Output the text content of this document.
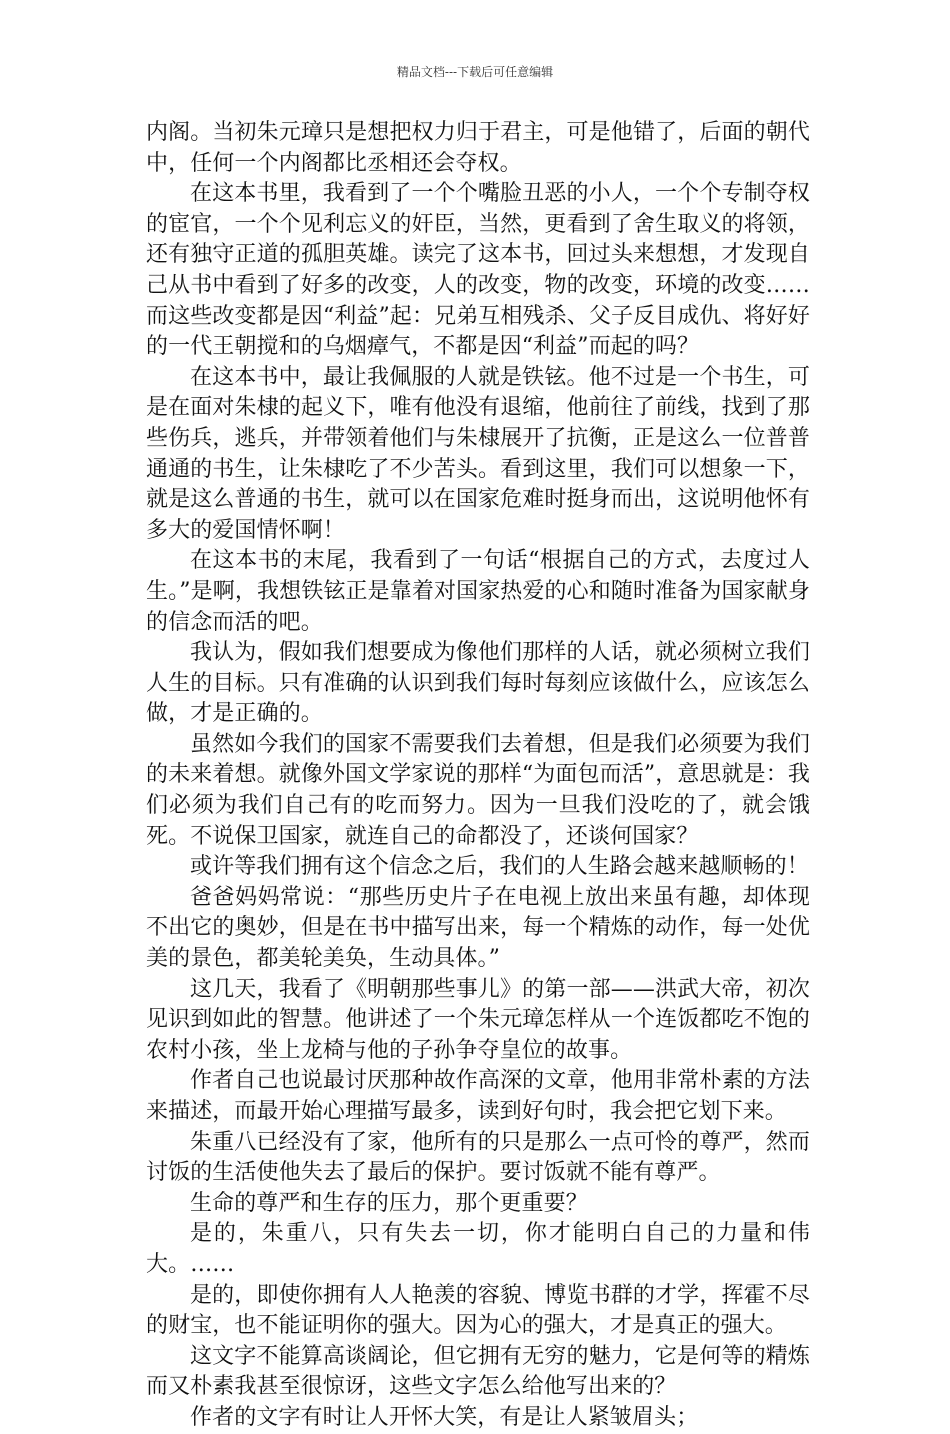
精品文档---下载后可任意编辑

内阁。当初朱元璋只是想把权力归于君主，可是他错了，后面的朝代中，任何一个内阁都比丞相还会夺权。

在这本书里，我看到了一个个嘴脸丑恶的小人，一个个专制夺权的宦官，一个个见利忘义的奸臣，当然，更看到了舍生取义的将领，还有独守正道的孤胆英雄。读完了这本书，回过头来想想，才发现自己从书中看到了好多的改变，人的改变，物的改变，环境的改变……而这些改变都是因“利益”起：兄弟互相残杀、父子反目成仇、将好好的一代王朝搅和的乌烟瘴气，不都是因“利益”而起的吗？

在这本书中，最让我佩服的人就是铁铉。他不过是一个书生，可是在面对朱棣的起义下，唯有他没有退缩，他前往了前线，找到了那些伤兵，逃兵，并带领着他们与朱棣展开了抗衡，正是这么一位普普通通的书生，让朱棣吃了不少苦头。看到这里，我们可以想象一下，就是这么普通的书生，就可以在国家危难时挺身而出，这说明他怀有多大的爱国情怀啊！

在这本书的末尾，我看到了一句话“根据自己的方式，去度过人生。”是啊，我想铁铉正是靠着对国家热爱的心和随时准备为国家献身的信念而活的吧。

我认为，假如我们想要成为像他们那样的人话，就必须树立我们人生的目标。只有准确的认识到我们每时每刻应该做什么，应该怎么做，才是正确的。

虽然如今我们的国家不需要我们去着想，但是我们必须要为我们的未来着想。就像外国文学家说的那样“为面包而活”，意思就是：我们必须为我们自己有的吃而努力。因为一旦我们没吃的了，就会饿死。不说保卫国家，就连自己的命都没了，还谈何国家？

或许等我们拥有这个信念之后，我们的人生路会越来越顺畅的！

爸爸妈妈常说：“那些历史片子在电视上放出来虽有趣，却体现不出它的奥妙，但是在书中描写出来，每一个精炼的动作，每一处优美的景色，都美轮美奂，生动具体。”

这几天，我看了《明朝那些事儿》的第一部——洪武大帝，初次见识到如此的智慧。他讲述了一个朱元璋怎样从一个连饭都吃不饱的农村小孩，坐上龙椅与他的子孙争夺皇位的故事。

作者自己也说最讨厌那种故作高深的文章，他用非常朴素的方法来描述，而最开始心理描写最多，读到好句时，我会把它划下来。

朱重八已经没有了家，他所有的只是那么一点可怜的尊严，然而讨饭的生活使他失去了最后的保护。要讨饭就不能有尊严。

生命的尊严和生存的压力，那个更重要？

是的，朱重八，只有失去一切，你才能明白自己的力量和伟大。……

是的，即使你拥有人人艳羡的容貌、博览书群的才学，挥霍不尽的财宝，也不能证明你的强大。因为心的强大，才是真正的强大。

这文字不能算高谈阔论，但它拥有无穷的魅力，它是何等的精炼而又朴素我甚至很惊讶，这些文字怎么给他写出来的？

作者的文字有时让人开怀大笑，有是让人紧皱眉头；
